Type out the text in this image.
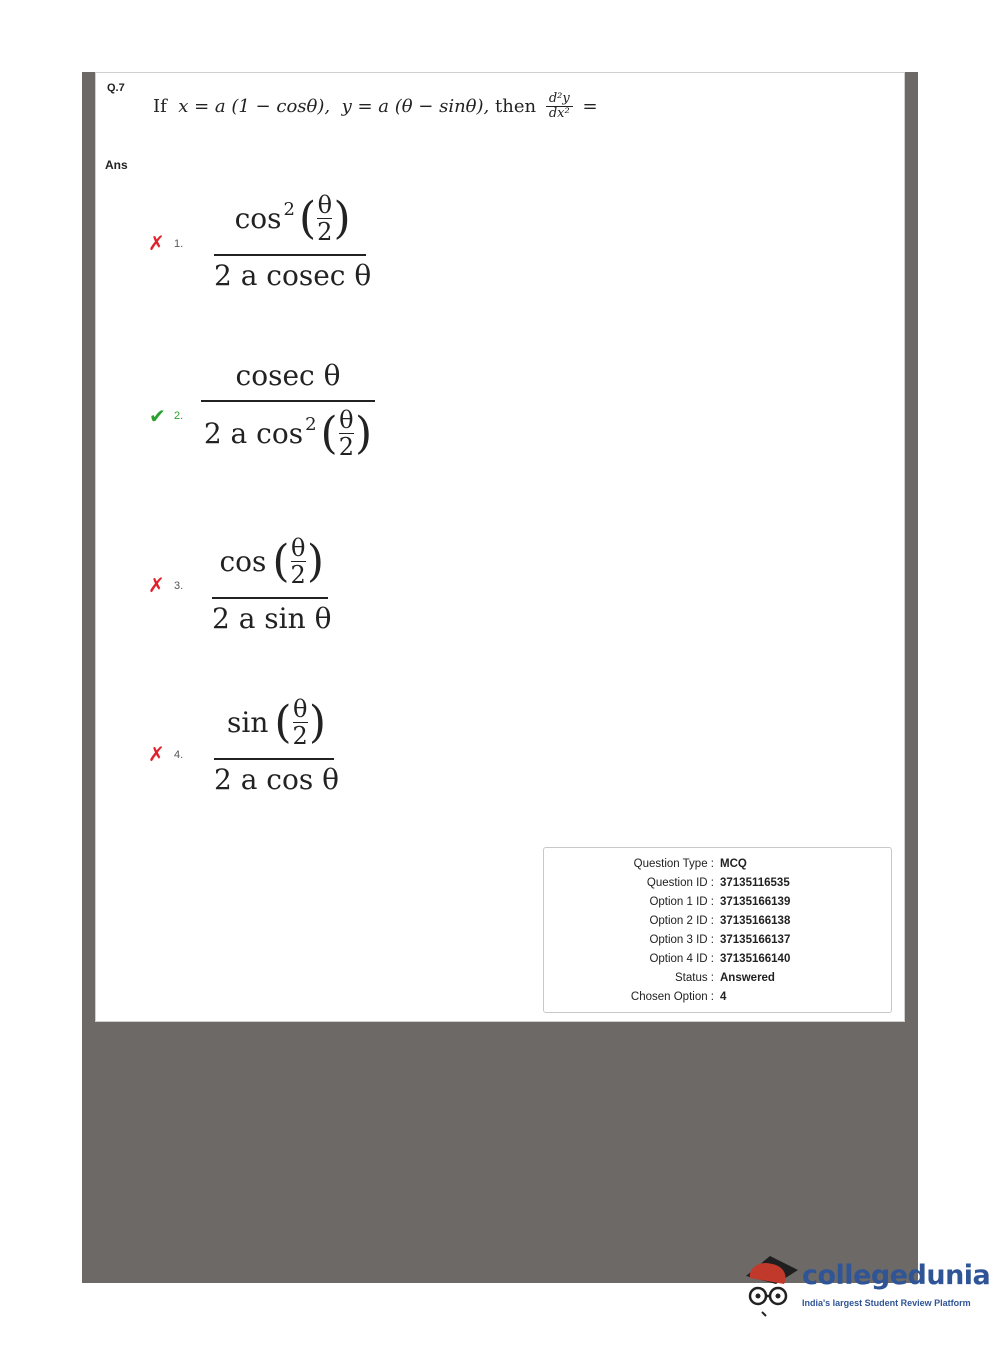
Q.7
If
x = a (1 − cosθ),
y = a (θ − sinθ),
then
$\frac{\text{d²y}}{\text{dx²}}$
=
Ans
✗ 1.
$\cos^2$ ( θ
2 )
2 a cosec θ
✔ 2.
cosec θ
2 a $\cos^2$ ( θ
2 )
✗ 3.
cos ( θ
2 )
2 a sin θ
✗ 4.
sin ( θ
2 )
2 a cos θ
Question Type : MCQ
Question ID : 37135116535
Option 1 ID : 37135166139
Option 2 ID : 37135166138
Option 3 ID : 37135166137
Option 4 ID : 37135166140
Status : Answered
Chosen Option : 4
collegedunia
India's largest Student Review Platform
